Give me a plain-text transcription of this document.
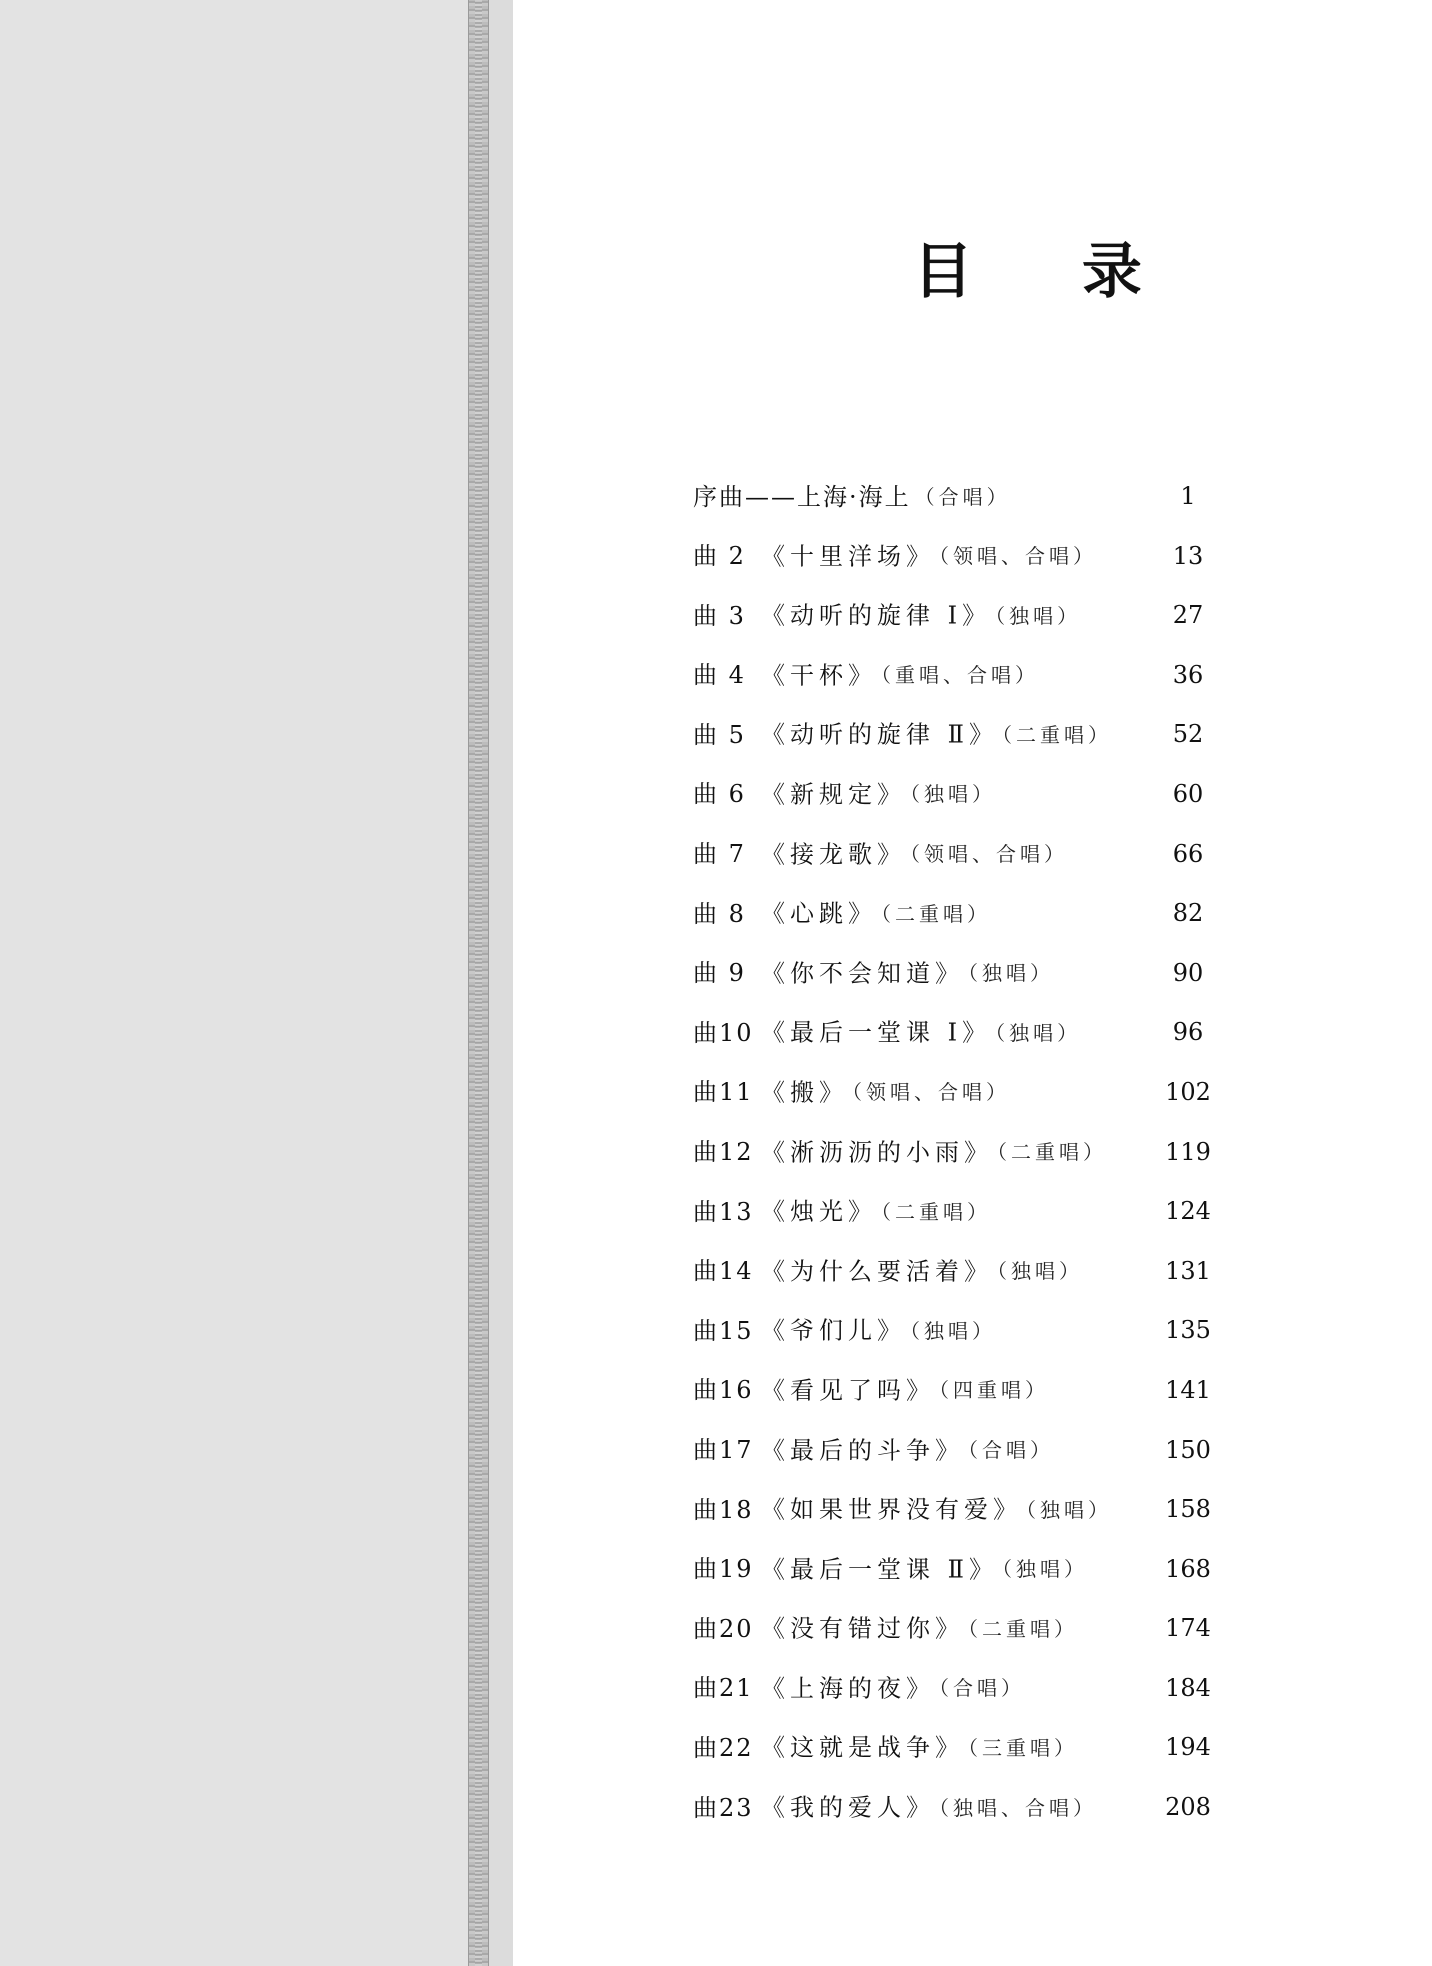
目 录
序曲——上海·海上 （合唱）	1
曲 2 《十里洋场》 （领唱、合唱）	13
曲 3 《动听的旋律 Ⅰ》 （独唱）	27
曲 4 《干杯》 （重唱、合唱）	36
曲 5 《动听的旋律 Ⅱ》 （二重唱）	52
曲 6 《新规定》 （独唱）	60
曲 7 《接龙歌》 （领唱、合唱）	66
曲 8 《心跳》 （二重唱）	82
曲 9 《你不会知道》 （独唱）	90
曲10 《最后一堂课 Ⅰ》 （独唱）	96
曲11 《搬》 （领唱、合唱）	102
曲12 《淅沥沥的小雨》 （二重唱）	119
曲13 《烛光》 （二重唱）	124
曲14 《为什么要活着》 （独唱）	131
曲15 《爷们儿》 （独唱）	135
曲16 《看见了吗》 （四重唱）	141
曲17 《最后的斗争》 （合唱）	150
曲18 《如果世界没有爱》 （独唱）	158
曲19 《最后一堂课 Ⅱ》 （独唱）	168
曲20 《没有错过你》 （二重唱）	174
曲21 《上海的夜》 （合唱）	184
曲22 《这就是战争》 （三重唱）	194
曲23 《我的爱人》 （独唱、合唱）	208
